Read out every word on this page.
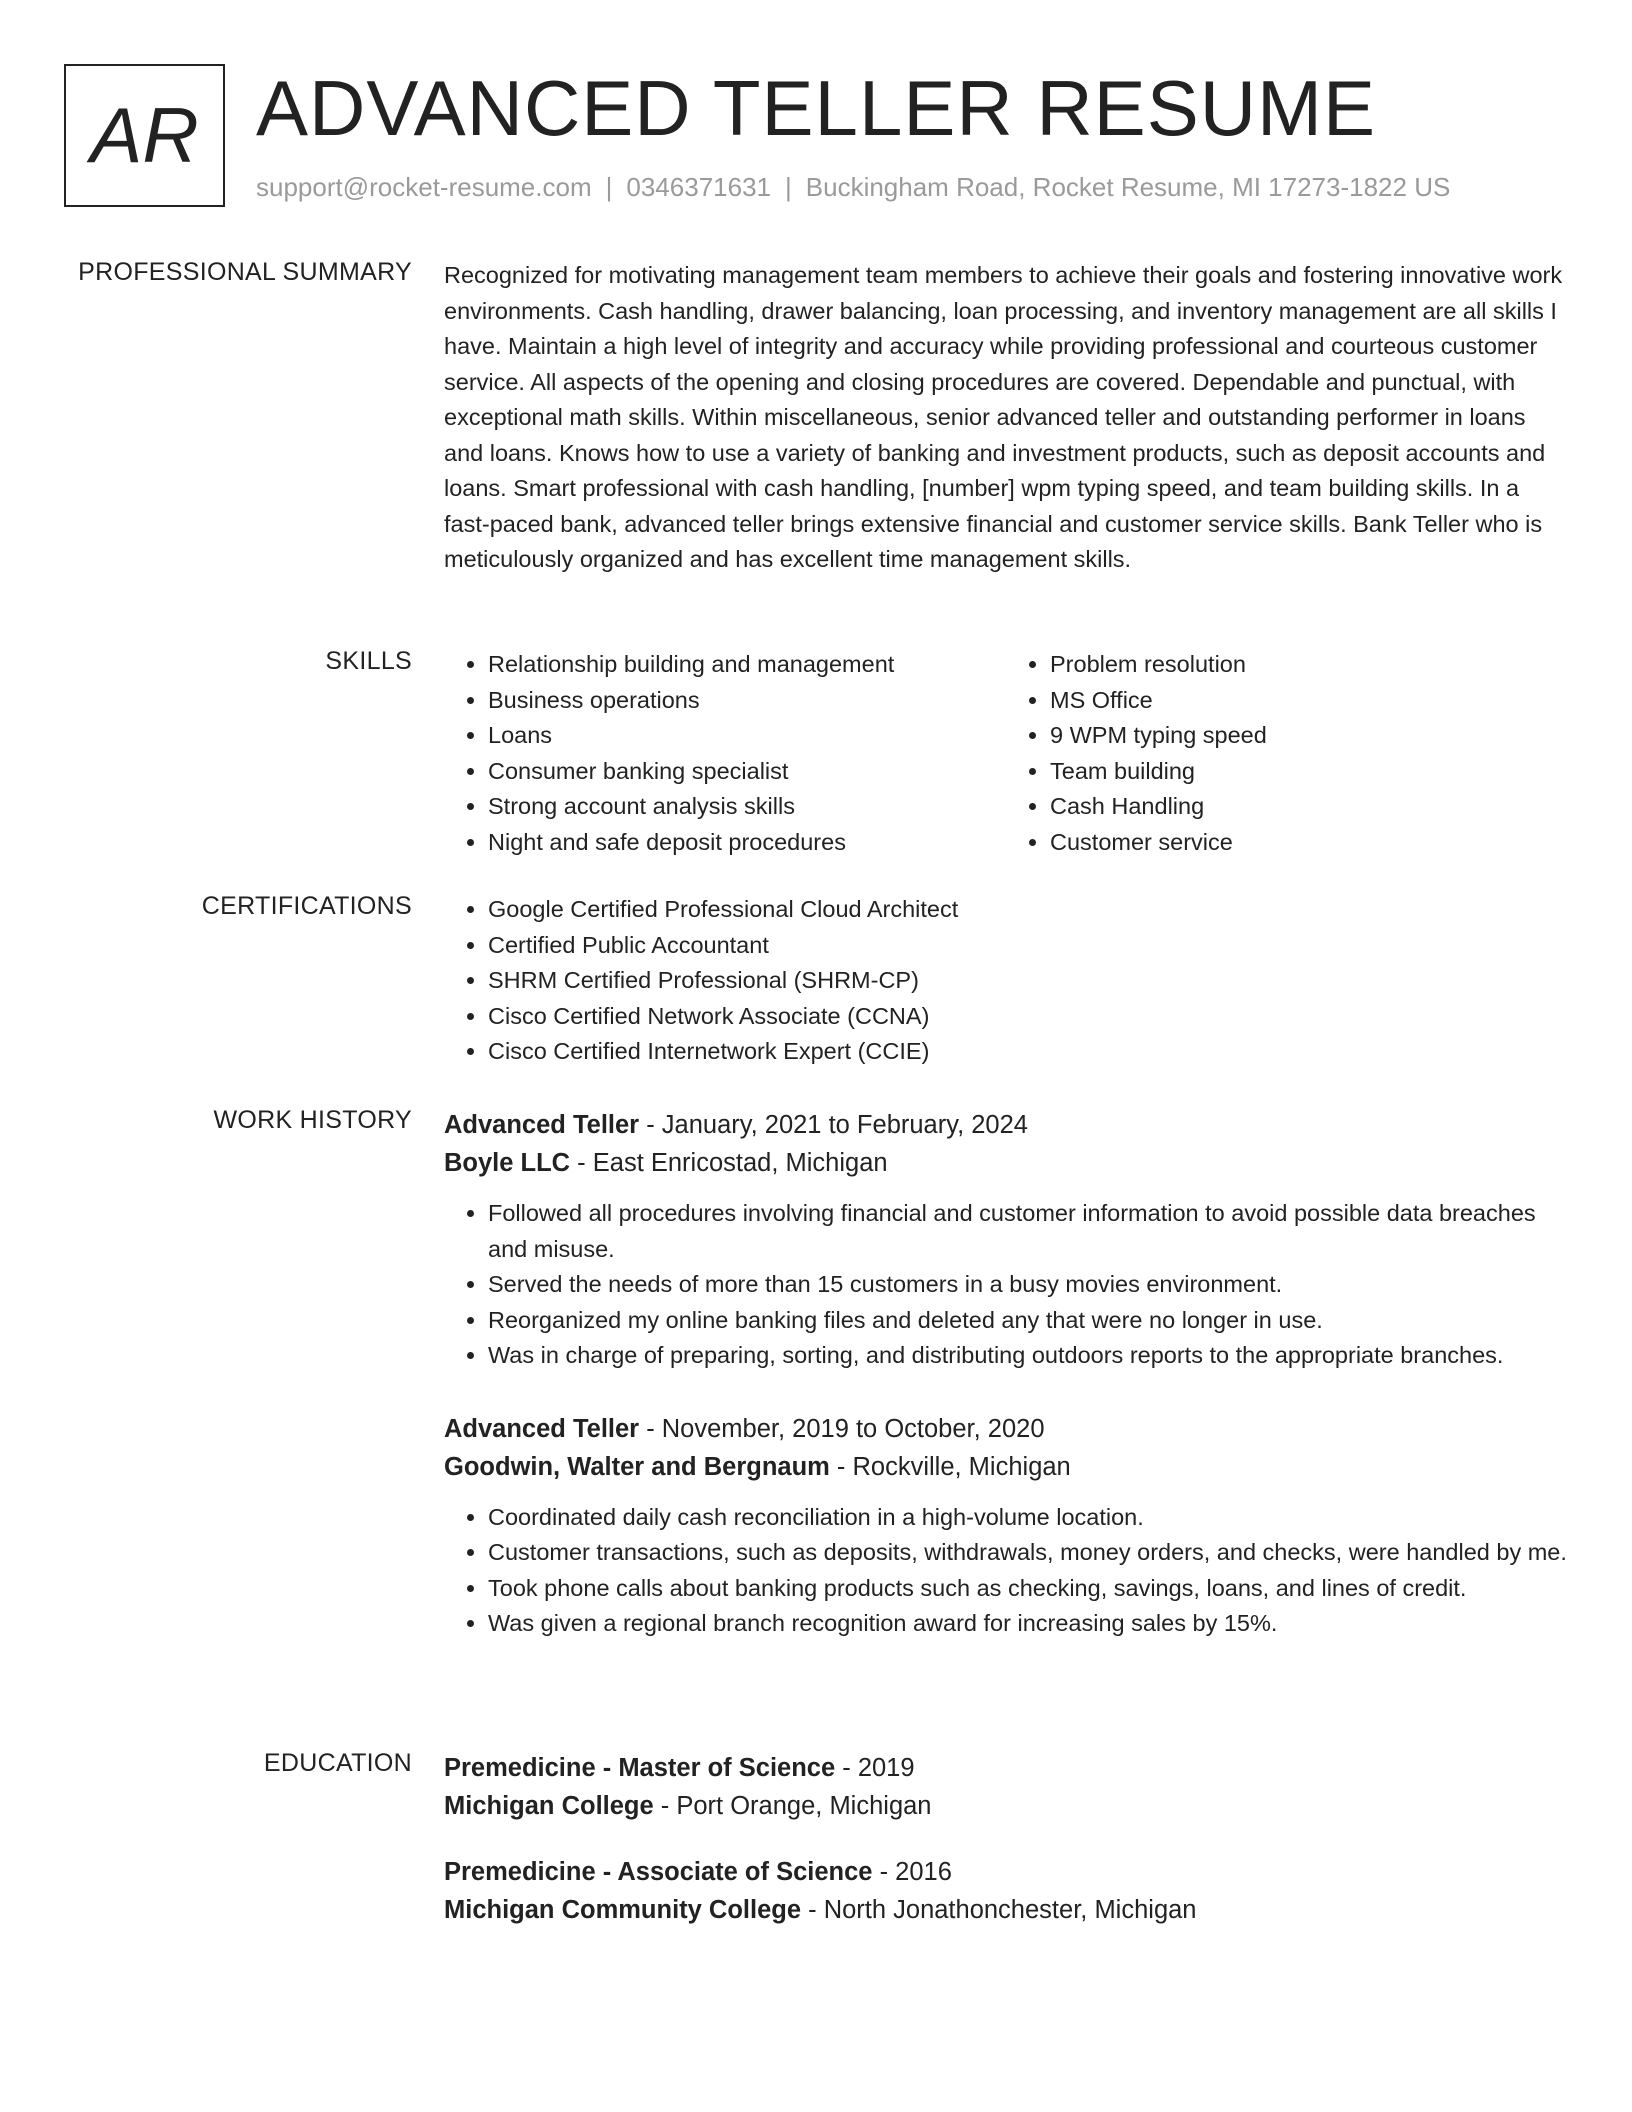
AR ADVANCED TELLER RESUME
support@rocket-resume.com | 0346371631 | Buckingham Road, Rocket Resume, MI 17273-1822 US
PROFESSIONAL SUMMARY Recognized for motivating management team members to achieve their goals and fostering innovative work environments. Cash handling, drawer balancing, loan processing, and inventory management are all skills I have. Maintain a high level of integrity and accuracy while providing professional and courteous customer service. All aspects of the opening and closing procedures are covered. Dependable and punctual, with exceptional math skills. Within miscellaneous, senior advanced teller and outstanding performer in loans and loans. Knows how to use a variety of banking and investment products, such as deposit accounts and loans. Smart professional with cash handling, [number] wpm typing speed, and team building skills. In a fast-paced bank, advanced teller brings extensive financial and customer service skills. Bank Teller who is meticulously organized and has excellent time management skills.

SKILLS	• Relationship building and management
• Business operations
• Loans
• Consumer banking specialist
• Strong account analysis skills
• Night and safe deposit procedures
• Problem resolution
• MS Office
• 9 WPM typing speed
• Team building
• Cash Handling
• Customer service
CERTIFICATIONS	• Google Certified Professional Cloud Architect
• Certified Public Accountant
• SHRM Certified Professional (SHRM-CP)
• Cisco Certified Network Associate (CCNA)
• Cisco Certified Internetwork Expert (CCIE)
WORK HISTORY Advanced Teller - January, 2021 to February, 2024
Boyle LLC - East Enricostad, Michigan
• Followed all procedures involving financial and customer information to avoid possible data breaches and misuse.
• Served the needs of more than 15 customers in a busy movies environment.
• Reorganized my online banking files and deleted any that were no longer in use.
• Was in charge of preparing, sorting, and distributing outdoors reports to the appropriate branches.
Advanced Teller - November, 2019 to October, 2020
Goodwin, Walter and Bergnaum - Rockville, Michigan
• Coordinated daily cash reconciliation in a high-volume location.
• Customer transactions, such as deposits, withdrawals, money orders, and checks, were handled by me.
• Took phone calls about banking products such as checking, savings, loans, and lines of credit.
• Was given a regional branch recognition award for increasing sales by 15%.
EDUCATION Premedicine - Master of Science - 2019
Michigan College - Port Orange, Michigan
Premedicine - Associate of Science - 2016
Michigan Community College - North Jonathonchester, Michigan
